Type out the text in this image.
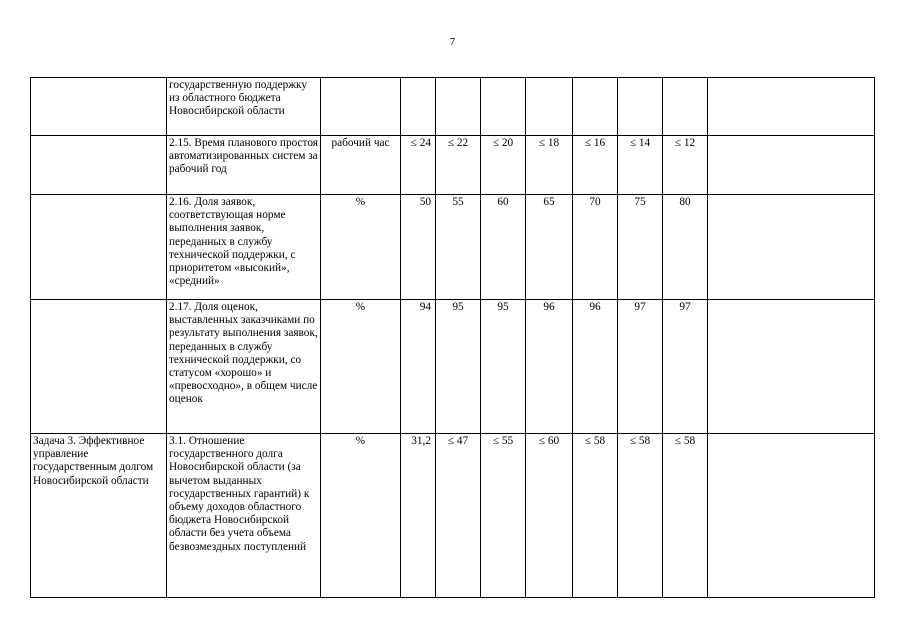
7
	государственную поддержку из областного бюджета Новосибирской области									
	2.15. Время планового простоя автоматизированных систем за рабочий год	рабочий час	≤ 24	≤ 22	≤ 20	≤ 18	≤ 16	≤ 14	≤ 12	
	2.16. Доля заявок, соответствующая норме выполнения заявок, переданных в службу технической поддержки, с приоритетом «высокий», «средний»	%	50	55	60	65	70	75	80	
	2.17. Доля оценок, выставленных заказчиками по результату выполнения заявок, переданных в службу технической поддержки, со статусом «хорошо» и «превосходно», в общем числе оценок	%	94	95	95	96	96	97	97	
Задача 3. Эффективное управление государственным долгом Новосибирской области	3.1. Отношение государственного долга Новосибирской области (за вычетом выданных государственных гарантий) к объему доходов областного бюджета Новосибирской области без учета объема безвозмездных поступлений	%	31,2	≤ 47	≤ 55	≤ 60	≤ 58	≤ 58	≤ 58	
